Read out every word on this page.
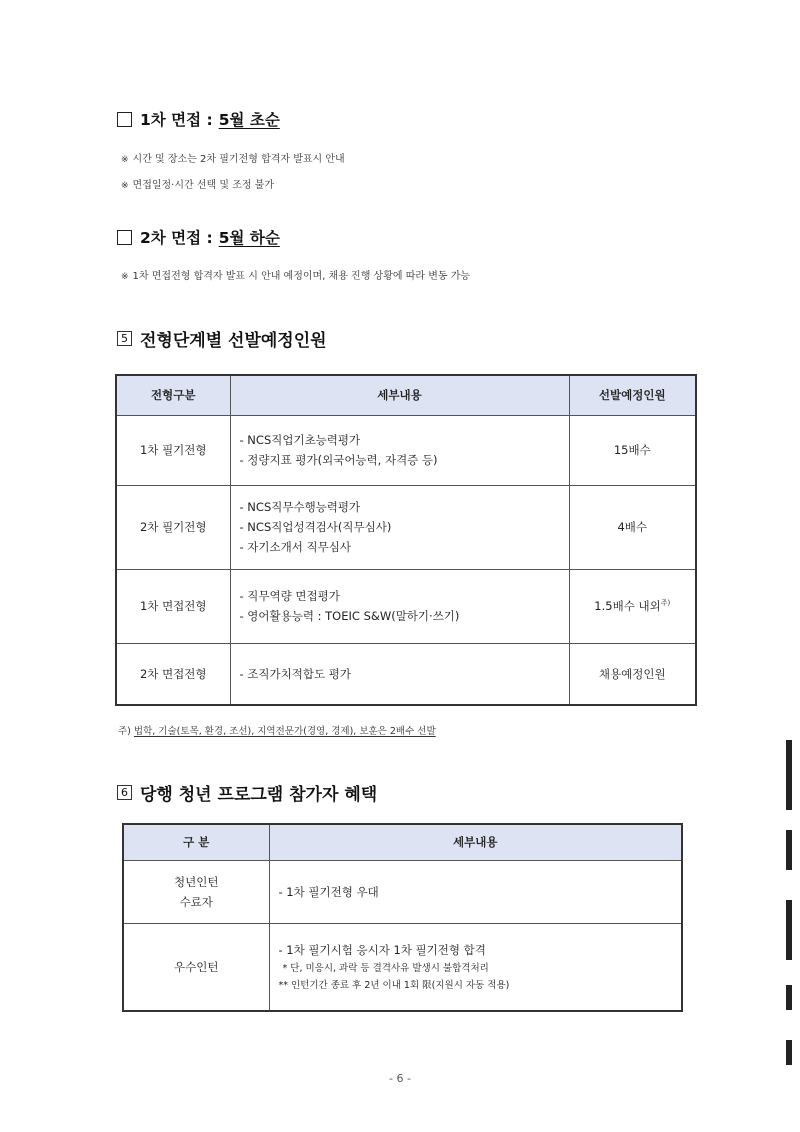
1차 면접 : 5월 초순
※ 시간 및 장소는 2차 필기전형 합격자 발표시 안내
※ 면접일정·시간 선택 및 조정 불가
2차 면접 : 5월 하순
※ 1차 면접전형 합격자 발표 시 안내 예정이며, 채용 진행 상황에 따라 변동 가능
5 전형단계별 선발예정인원
전형구분	세부내용	선발예정인원
1차 필기전형	- NCS직업기초능력평가
- 정량지표 평가(외국어능력, 자격증 등)	15배수
2차 필기전형	- NCS직무수행능력평가
- NCS직업성격검사(직무심사)
- 자기소개서 직무심사	4배수
1차 면접전형	- 직무역량 면접평가
- 영어활용능력 : TOEIC S&W(말하기·쓰기)	1.5배수 내외$^{주)}$
2차 면접전형	- 조직가치적합도 평가	채용예정인원
주) 법학, 기술(토목, 환경, 조선), 지역전문가(경영, 경제), 보훈은 2배수 선발
6 당행 청년 프로그램 참가자 혜택
구 분	세부내용

청년인턴
수료자	- 1차 필기전형 우대

우수인턴	- 1차 필기시험 응시자 1차 필기전형 합격
* 단, 미응시, 과락 등 결격사유 발생시 불합격처리
** 인턴기간 종료 후 2년 이내 1회 限(지원시 자동 적용)
- 6 -
